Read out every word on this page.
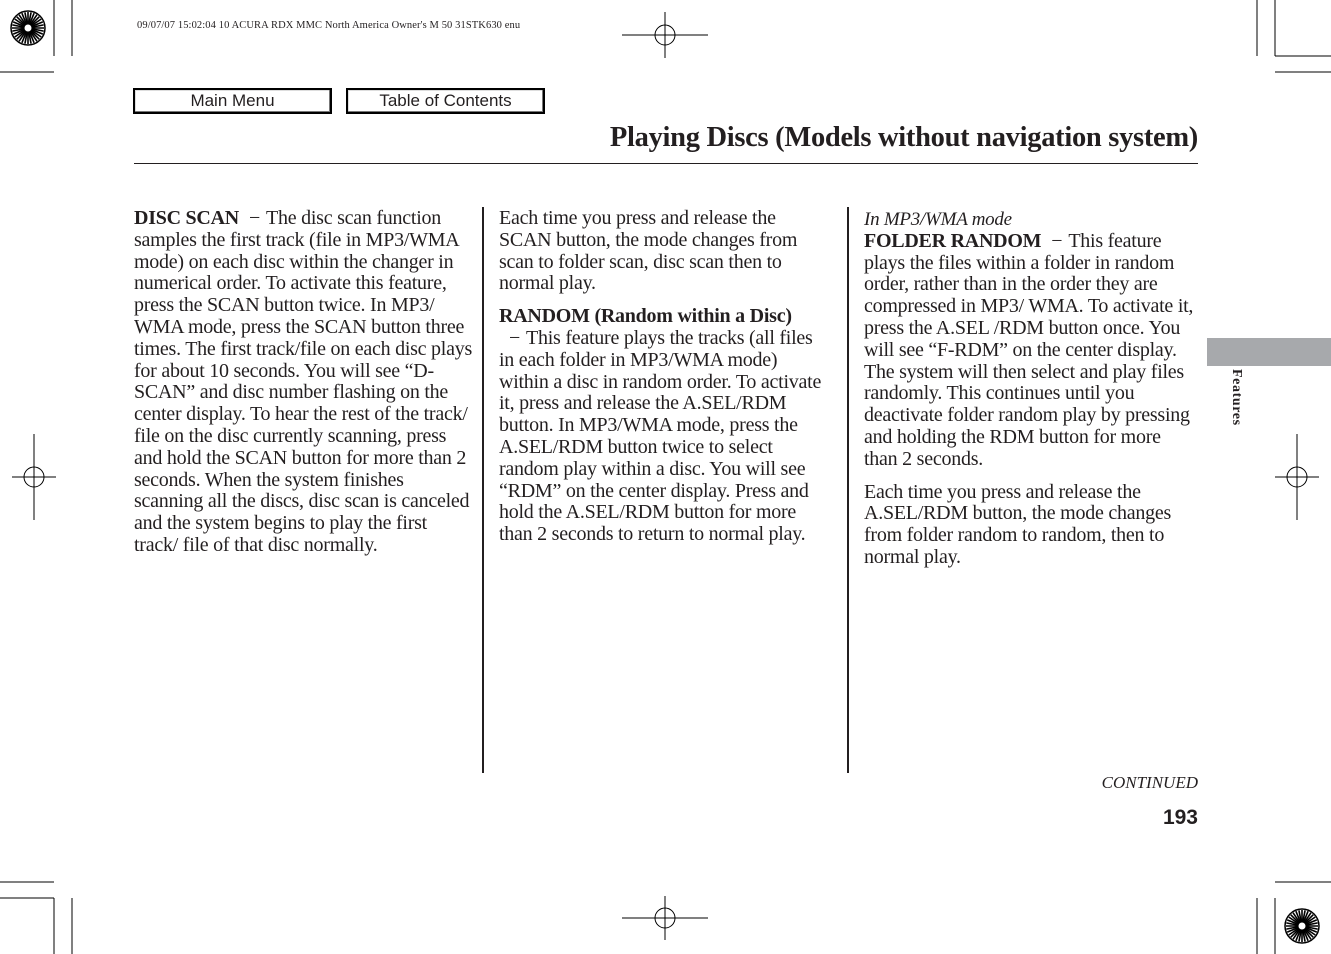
09/07/07 15:02:04 10 ACURA RDX MMC North America Owner's M 50 31STK630 enu
Main Menu	Table of Contents
Playing Discs (Models without navigation system)

DISC SCAN − The disc scan function samples the first track (file in MP3/WMA mode) on each disc within the changer in numerical order. To activate this feature, press the SCAN button twice. In MP3/ WMA mode, press the SCAN button three times. The first track/file on each disc plays for about 10 seconds. You will see “D-SCAN” and disc number flashing on the center display. To hear the rest of the track/ file on the disc currently scanning, press and hold the SCAN button for more than 2 seconds. When the system finishes scanning all the discs, disc scan is canceled and the system begins to play the first track/ file of that disc normally.

Each time you press and release the SCAN button, the mode changes from scan to folder scan, disc scan then to normal play.

RANDOM (Random within a Disc)− This feature plays the tracks (all files in each folder in MP3/WMA mode) within a disc in random order. To activate it, press and release the A.SEL/RDM button. In MP3/WMA mode, press the A.SEL/RDM button twice to select random play within a disc. You will see “RDM” on the center display. Press and hold the A.SEL/RDM button for more than 2 seconds to return to normal play.

In MP3/WMA mode

FOLDER RANDOM − This feature plays the files within a folder in random order, rather than in the order they are compressed in MP3/ WMA. To activate it, press the A.SEL /RDM button once. You will see “F-RDM” on the center display. The system will then select and play files randomly. This continues until you deactivate folder random play by pressing and holding the RDM button for more than 2 seconds.

Each time you press and release the A.SEL/RDM button, the mode changes from folder random to random, then to normal play.

Features
CONTINUED
193
